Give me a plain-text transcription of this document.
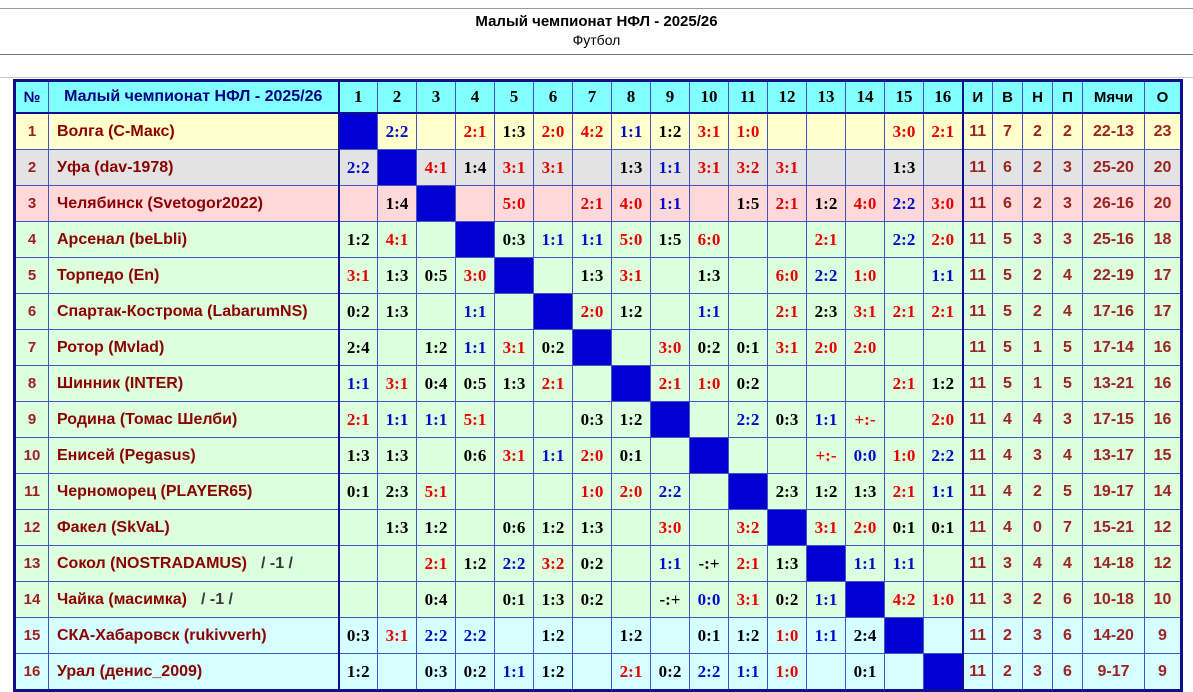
Малый чемпионат НФЛ - 2025/26
Футбол
№	Малый чемпионат НФЛ - 2025/26	1	2	3	4	5	6	7	8	9	10	11	12	13	14	15	16	И	В	Н	П	Мячи	О
1	Волга (С-Макс)		2:2		2:1	1:3	2:0	4:2	1:1	1:2	3:1	1:0				3:0	2:1	11	7	2	2	22-13	23
2	Уфа (dav-1978)	2:2		4:1	1:4	3:1	3:1		1:3	1:1	3:1	3:2	3:1			1:3		11	6	2	3	25-20	20
3	Челябинск (Svetogor2022)		1:4			5:0		2:1	4:0	1:1		1:5	2:1	1:2	4:0	2:2	3:0	11	6	2	3	26-16	20
4	Арсенал (beLbli)	1:2	4:1			0:3	1:1	1:1	5:0	1:5	6:0			2:1		2:2	2:0	11	5	3	3	25-16	18
5	Торпедо (En)	3:1	1:3	0:5	3:0			1:3	3:1		1:3		6:0	2:2	1:0		1:1	11	5	2	4	22-19	17
6	Спартак-Кострома (LabarumNS)	0:2	1:3		1:1			2:0	1:2		1:1		2:1	2:3	3:1	2:1	2:1	11	5	2	4	17-16	17
7	Ротор (Mvlad)	2:4		1:2	1:1	3:1	0:2			3:0	0:2	0:1	3:1	2:0	2:0			11	5	1	5	17-14	16
8	Шинник (INTER)	1:1	3:1	0:4	0:5	1:3	2:1			2:1	1:0	0:2				2:1	1:2	11	5	1	5	13-21	16
9	Родина (Томас Шелби)	2:1	1:1	1:1	5:1			0:3	1:2			2:2	0:3	1:1	+:-		2:0	11	4	4	3	17-15	16
10	Енисей (Pegasus)	1:3	1:3		0:6	3:1	1:1	2:0	0:1					+:-	0:0	1:0	2:2	11	4	3	4	13-17	15
11	Черноморец (PLAYER65)	0:1	2:3	5:1				1:0	2:0	2:2			2:3	1:2	1:3	2:1	1:1	11	4	2	5	19-17	14
12	Факел (SkVaL)		1:3	1:2		0:6	1:2	1:3		3:0		3:2		3:1	2:0	0:1	0:1	11	4	0	7	15-21	12
13	Сокол (NOSTRADAMUS) / -1 /			2:1	1:2	2:2	3:2	0:2		1:1	-:+	2:1	1:3		1:1	1:1		11	3	4	4	14-18	12
14	Чайка (масимка) / -1 /			0:4		0:1	1:3	0:2		-:+	0:0	3:1	0:2	1:1		4:2	1:0	11	3	2	6	10-18	10
15	СКА-Хабаровск (rukivverh)	0:3	3:1	2:2	2:2		1:2		1:2		0:1	1:2	1:0	1:1	2:4			11	2	3	6	14-20	9
16	Урал (денис_2009)	1:2		0:3	0:2	1:1	1:2		2:1	0:2	2:2	1:1	1:0		0:1			11	2	3	6	9-17	9
